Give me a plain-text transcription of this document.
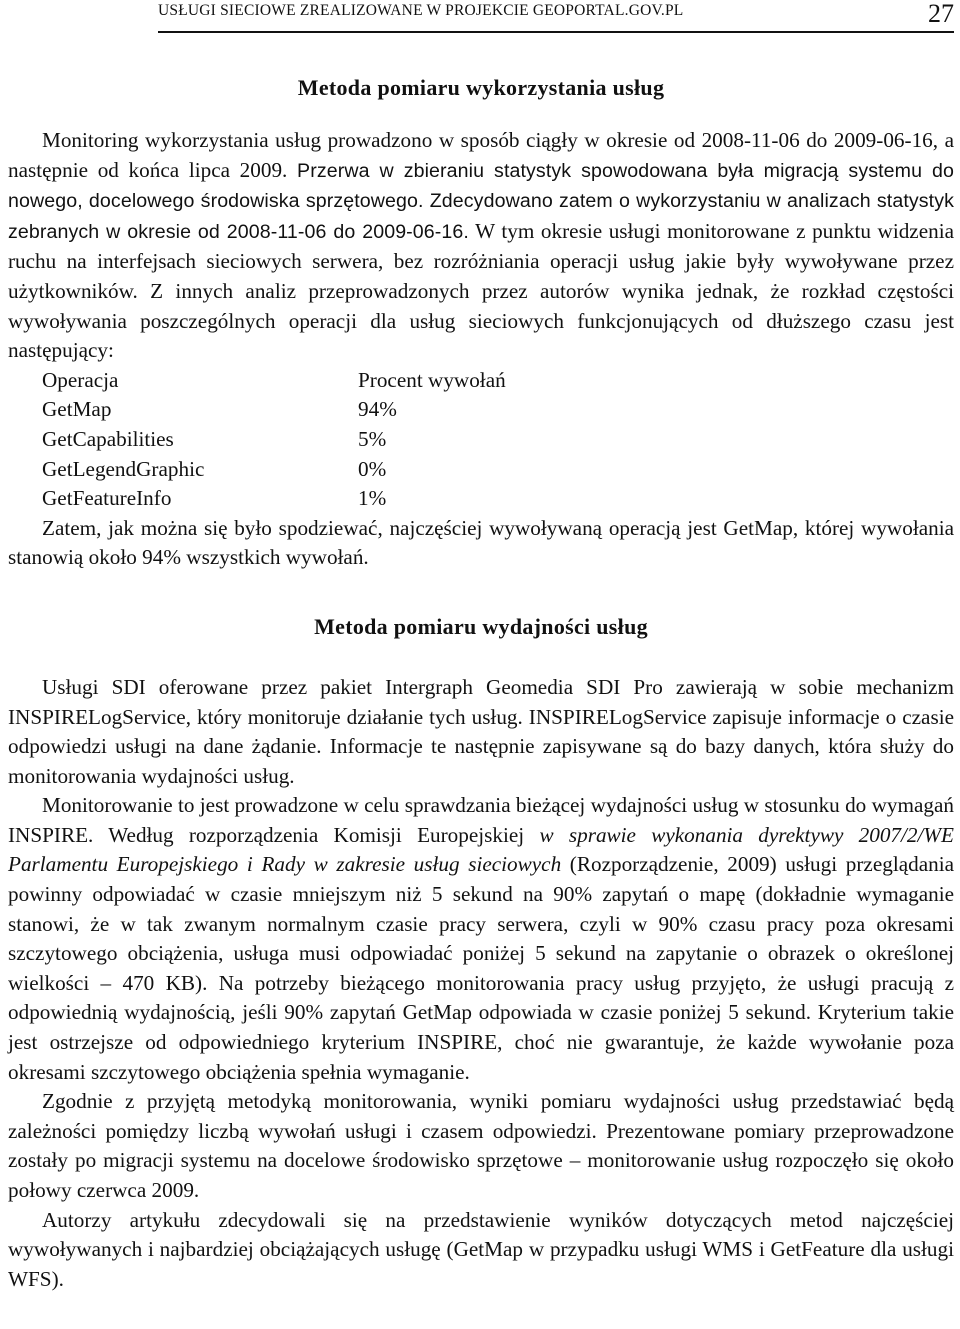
USŁUGI SIECIOWE ZREALIZOWANE W PROJEKCIE GEOPORTAL.GOV.PL	27
Metoda pomiaru wykorzystania usług

Monitoring wykorzystania usług prowadzono w sposób ciągły w okresie od 2008-11-06 do 2009-06-16, a następnie od końca lipca 2009. Przerwa w zbieraniu statystyk spowodowana była migracją systemu do nowego, docelowego środowiska sprzętowego. Zdecydowano zatem o wykorzystaniu w analizach statystyk zebranych w okresie od 2008-11-06 do 2009-06-16. W tym okresie usługi monitorowane z punktu widzenia ruchu na interfejsach sieciowych serwera, bez rozróżniania operacji usług jakie były wywoływane przez użytkowników. Z innych analiz przeprowadzonych przez autorów wynika jednak, że rozkład częstości wywoływania poszczególnych operacji dla usług sieciowych funkcjonujących od dłuższego czasu jest następujący:

Operacja	Procent wywołań
GetMap	94%
GetCapabilities	5%
GetLegendGraphic	0%
GetFeatureInfo	1%

Zatem, jak można się było spodziewać, najczęściej wywoływaną operacją jest GetMap, której wywołania stanowią około 94% wszystkich wywołań.

Metoda pomiaru wydajności usług

Usługi SDI oferowane przez pakiet Intergraph Geomedia SDI Pro zawierają w sobie mechanizm INSPIRELogService, który monitoruje działanie tych usług. INSPIRELogService zapisuje informacje o czasie odpowiedzi usługi na dane żądanie. Informacje te następnie zapisywane są do bazy danych, która służy do monitorowania wydajności usług.

Monitorowanie to jest prowadzone w celu sprawdzania bieżącej wydajności usług w stosunku do wymagań INSPIRE. Według rozporządzenia Komisji Europejskiej w sprawie wykonania dyrektywy 2007/2/WE Parlamentu Europejskiego i Rady w zakresie usług sieciowych (Rozporządzenie, 2009) usługi przeglądania powinny odpowiadać w czasie mniejszym niż 5 sekund na 90% zapytań o mapę (dokładnie wymaganie stanowi, że w tak zwanym normalnym czasie pracy serwera, czyli w 90% czasu pracy poza okresami szczytowego obciążenia, usługa musi odpowiadać poniżej 5 sekund na zapytanie o obrazek o określonej wielkości – 470 KB). Na potrzeby bieżącego monitorowania pracy usług przyjęto, że usługi pracują z odpowiednią wydajnością, jeśli 90% zapytań GetMap odpowiada w czasie poniżej 5 sekund. Kryterium takie jest ostrzejsze od odpowiedniego kryterium INSPIRE, choć nie gwarantuje, że każde wywołanie poza okresami szczytowego obciążenia spełnia wymaganie.

Zgodnie z przyjętą metodyką monitorowania, wyniki pomiaru wydajności usług przedstawiać będą zależności pomiędzy liczbą wywołań usługi i czasem odpowiedzi. Prezentowane pomiary przeprowadzone zostały po migracji systemu na docelowe środowisko sprzętowe – monitorowanie usług rozpoczęło się około połowy czerwca 2009.

Autorzy artykułu zdecydowali się na przedstawienie wyników dotyczących metod najczęściej wywoływanych i najbardziej obciążających usługę (GetMap w przypadku usługi WMS i GetFeature dla usługi WFS).
